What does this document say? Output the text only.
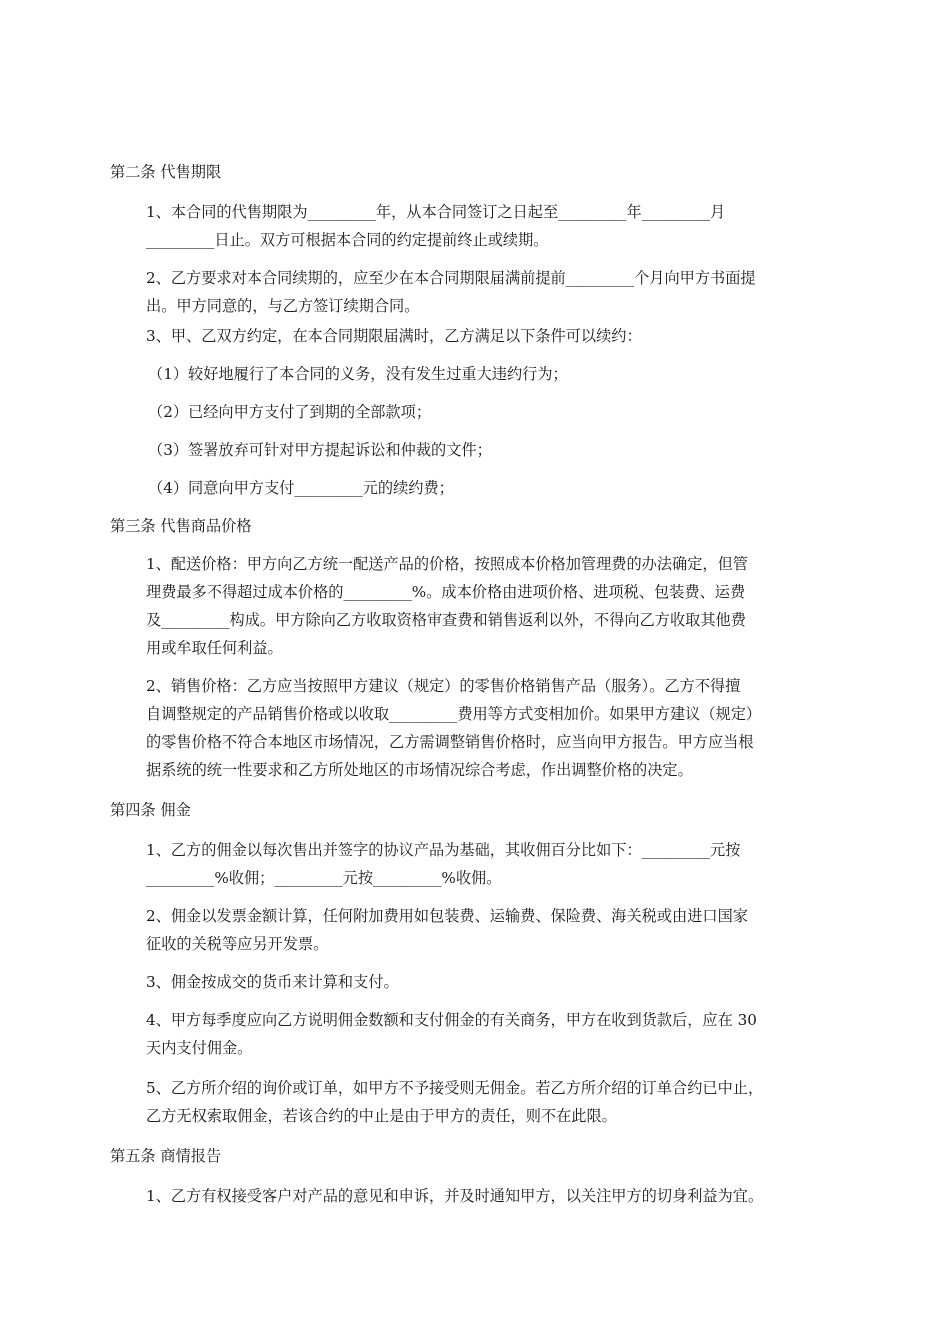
第二条 代售期限
1、本合同的代售期限为_________年，从本合同签订之日起至_________年_________月
_________日止。双方可根据本合同的约定提前终止或续期。
2、乙方要求对本合同续期的，应至少在本合同期限届满前提前_________个月向甲方书面提
出。甲方同意的，与乙方签订续期合同。
3、甲、乙双方约定，在本合同期限届满时，乙方满足以下条件可以续约：
（1）较好地履行了本合同的义务，没有发生过重大违约行为；
（2）已经向甲方支付了到期的全部款项；
（3）签署放弃可针对甲方提起诉讼和仲裁的文件；
（4）同意向甲方支付_________元的续约费；
第三条 代售商品价格
1、配送价格：甲方向乙方统一配送产品的价格，按照成本价格加管理费的办法确定，但管
理费最多不得超过成本价格的_________%。成本价格由进项价格、进项税、包装费、运费
及_________构成。甲方除向乙方收取资格审查费和销售返利以外，不得向乙方收取其他费
用或牟取任何利益。
2、销售价格：乙方应当按照甲方建议（规定）的零售价格销售产品（服务）。乙方不得擅
自调整规定的产品销售价格或以收取_________费用等方式变相加价。如果甲方建议（规定）
的零售价格不符合本地区市场情况，乙方需调整销售价格时，应当向甲方报告。甲方应当根
据系统的统一性要求和乙方所处地区的市场情况综合考虑，作出调整价格的决定。
第四条 佣金
1、乙方的佣金以每次售出并签字的协议产品为基础，其收佣百分比如下：_________元按
_________%收佣；_________元按_________%收佣。
2、佣金以发票金额计算，任何附加费用如包装费、运输费、保险费、海关税或由进口国家
征收的关税等应另开发票。
3、佣金按成交的货币来计算和支付。
4、甲方每季度应向乙方说明佣金数额和支付佣金的有关商务，甲方在收到货款后，应在 30
天内支付佣金。
5、乙方所介绍的询价或订单，如甲方不予接受则无佣金。若乙方所介绍的订单合约已中止，
乙方无权索取佣金，若该合约的中止是由于甲方的责任，则不在此限。
第五条 商情报告
1、乙方有权接受客户对产品的意见和申诉，并及时通知甲方，以关注甲方的切身利益为宜。
